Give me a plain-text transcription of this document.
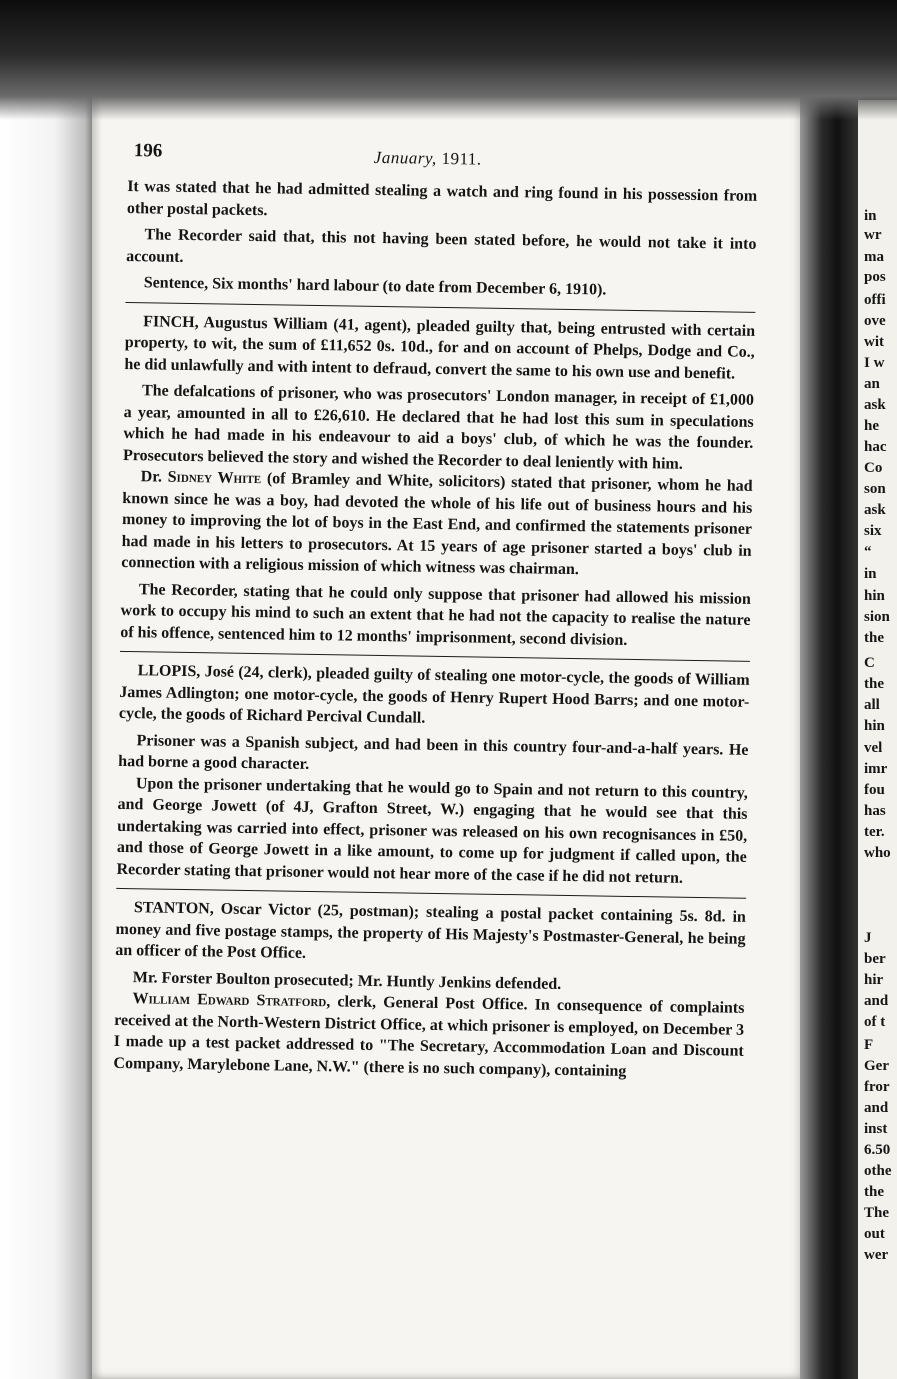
in
wr
ma
pos
offi
ove
wit
I w
an
ask
he
hac
Co
son
ask
six
“
in
hin
sion
the
C
the
all
hin
vel
imr
fou
has
ter.
who
J
ber
hir
and
of t
F
Ger
fror
and
inst
6.50
othe
the
The
out
wer
196	January, 1911.

It was stated that he had admitted stealing a watch and ring found in his possession from other postal packets.

The Recorder said that, this not having been stated before, he would not take it into account.

Sentence, Six months' hard labour (to date from December 6, 1910).

FINCH, Augustus William (41, agent), pleaded guilty that, being entrusted with certain property, to wit, the sum of £11,652 0s. 10d., for and on account of Phelps, Dodge and Co., he did unlawfully and with intent to defraud, convert the same to his own use and benefit.

The defalcations of prisoner, who was prosecutors' London manager, in receipt of £1,000 a year, amounted in all to £26,610. He declared that he had lost this sum in speculations which he had made in his endeavour to aid a boys' club, of which he was the founder. Prosecutors believed the story and wished the Recorder to deal leniently with him.

Dr. Sidney White (of Bramley and White, solicitors) stated that prisoner, whom he had known since he was a boy, had devoted the whole of his life out of business hours and his money to improving the lot of boys in the East End, and confirmed the statements prisoner had made in his letters to prosecutors. At 15 years of age prisoner started a boys' club in connection with a religious mission of which witness was chairman.

The Recorder, stating that he could only suppose that prisoner had allowed his mission work to occupy his mind to such an extent that he had not the capacity to realise the nature of his offence, sentenced him to 12 months' imprisonment, second division.

LLOPIS, José (24, clerk), pleaded guilty of stealing one motor-cycle, the goods of William James Adlington; one motor-cycle, the goods of Henry Rupert Hood Barrs; and one motor-cycle, the goods of Richard Percival Cundall.

Prisoner was a Spanish subject, and had been in this country four-and-a-half years. He had borne a good character.

Upon the prisoner undertaking that he would go to Spain and not return to this country, and George Jowett (of 4J, Grafton Street, W.) engaging that he would see that this undertaking was carried into effect, prisoner was released on his own recognisances in £50, and those of George Jowett in a like amount, to come up for judgment if called upon, the Recorder stating that prisoner would not hear more of the case if he did not return.

STANTON, Oscar Victor (25, postman); stealing a postal packet containing 5s. 8d. in money and five postage stamps, the property of His Majesty's Postmaster-General, he being an officer of the Post Office.

Mr. Forster Boulton prosecuted; Mr. Huntly Jenkins defended.

William Edward Stratford, clerk, General Post Office. In consequence of complaints received at the North-Western District Office, at which prisoner is employed, on December 3 I made up a test packet addressed to "The Secretary, Accommodation Loan and Discount Company, Marylebone Lane, N.W." (there is no such company), containing
